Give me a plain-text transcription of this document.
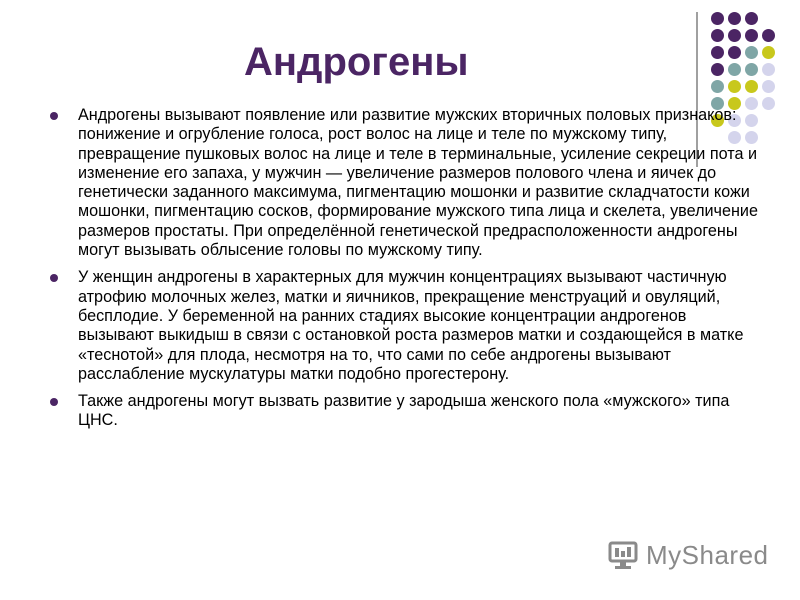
Андрогены
Андрогены вызывают появление или развитие мужских вторичных половых признаков: понижение и огрубление голоса, рост волос на лице и теле по мужскому типу, превращение пушковых волос на лице и теле в терминальные, усиление секреции пота и изменение его запаха, у мужчин — увеличение размеров полового члена и яичек до генетически заданного максимума, пигментацию мошонки и развитие складчатости кожи мошонки, пигментацию сосков, формирование мужского типа лица и скелета, увеличение размеров простаты. При определённой генетической предрасположенности андрогены могут вызывать облысение головы по мужскому типу.
У женщин андрогены в характерных для мужчин концентрациях вызывают частичную атрофию молочных желез, матки и яичников, прекращение менструаций и овуляций, бесплодие. У беременной на ранних стадиях высокие концентрации андрогенов вызывают выкидыш в связи с остановкой роста размеров матки и создающейся в матке «теснотой» для плода, несмотря на то, что сами по себе андрогены вызывают расслабление мускулатуры матки подобно прогестерону.
Также андрогены могут вызвать развитие у зародыша женского пола «мужского» типа ЦНС.
MyShared
